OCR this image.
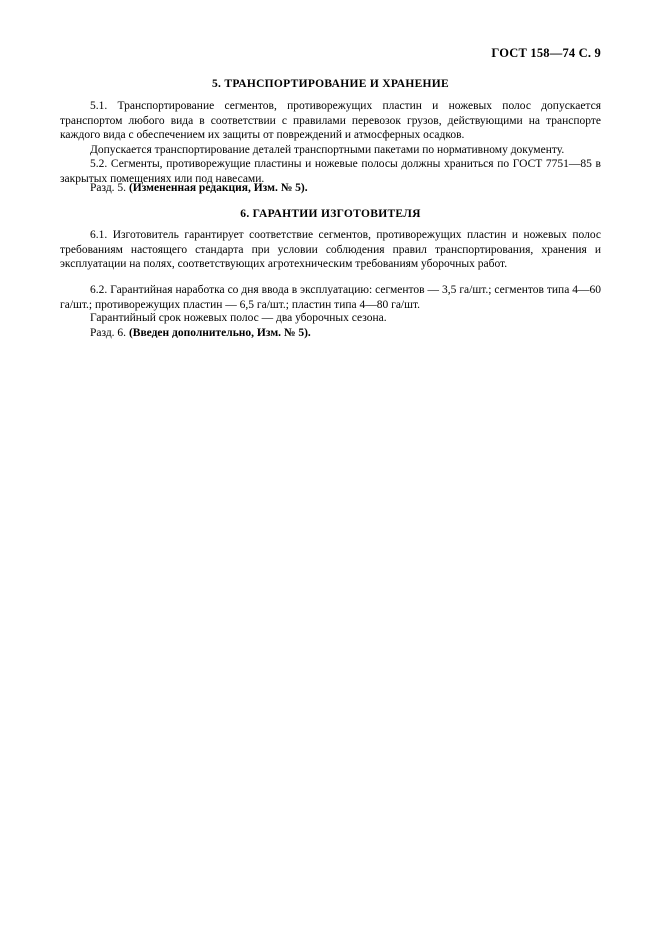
ГОСТ 158—74 С. 9
5. ТРАНСПОРТИРОВАНИЕ И ХРАНЕНИЕ

5.1. Транспортирование сегментов, противорежущих пластин и ножевых полос допускается транспортом любого вида в соответствии с правилами перевозок грузов, действующими на транспорте каждого вида с обеспечением их защиты от повреждений и атмосферных осадков.

Допускается транспортирование деталей транспортными пакетами по нормативному документу.

5.2. Сегменты, противорежущие пластины и ножевые полосы должны храниться по ГОСТ 7751—85 в закрытых помещениях или под навесами.

Разд. 5. (Измененная редакция, Изм. № 5).

6. ГАРАНТИИ ИЗГОТОВИТЕЛЯ

6.1. Изготовитель гарантирует соответствие сегментов, противорежущих пластин и ножевых полос требованиям настоящего стандарта при условии соблюдения правил транспортирования, хранения и эксплуатации на полях, соответствующих агротехническим требованиям уборочных работ.

6.2. Гарантийная наработка со дня ввода в эксплуатацию: сегментов — 3,5 га/шт.; сегментов типа 4—60 га/шт.; противорежущих пластин — 6,5 га/шт.; пластин типа 4—80 га/шт.

Гарантийный срок ножевых полос — два уборочных сезона.

Разд. 6. (Введен дополнительно, Изм. № 5).
